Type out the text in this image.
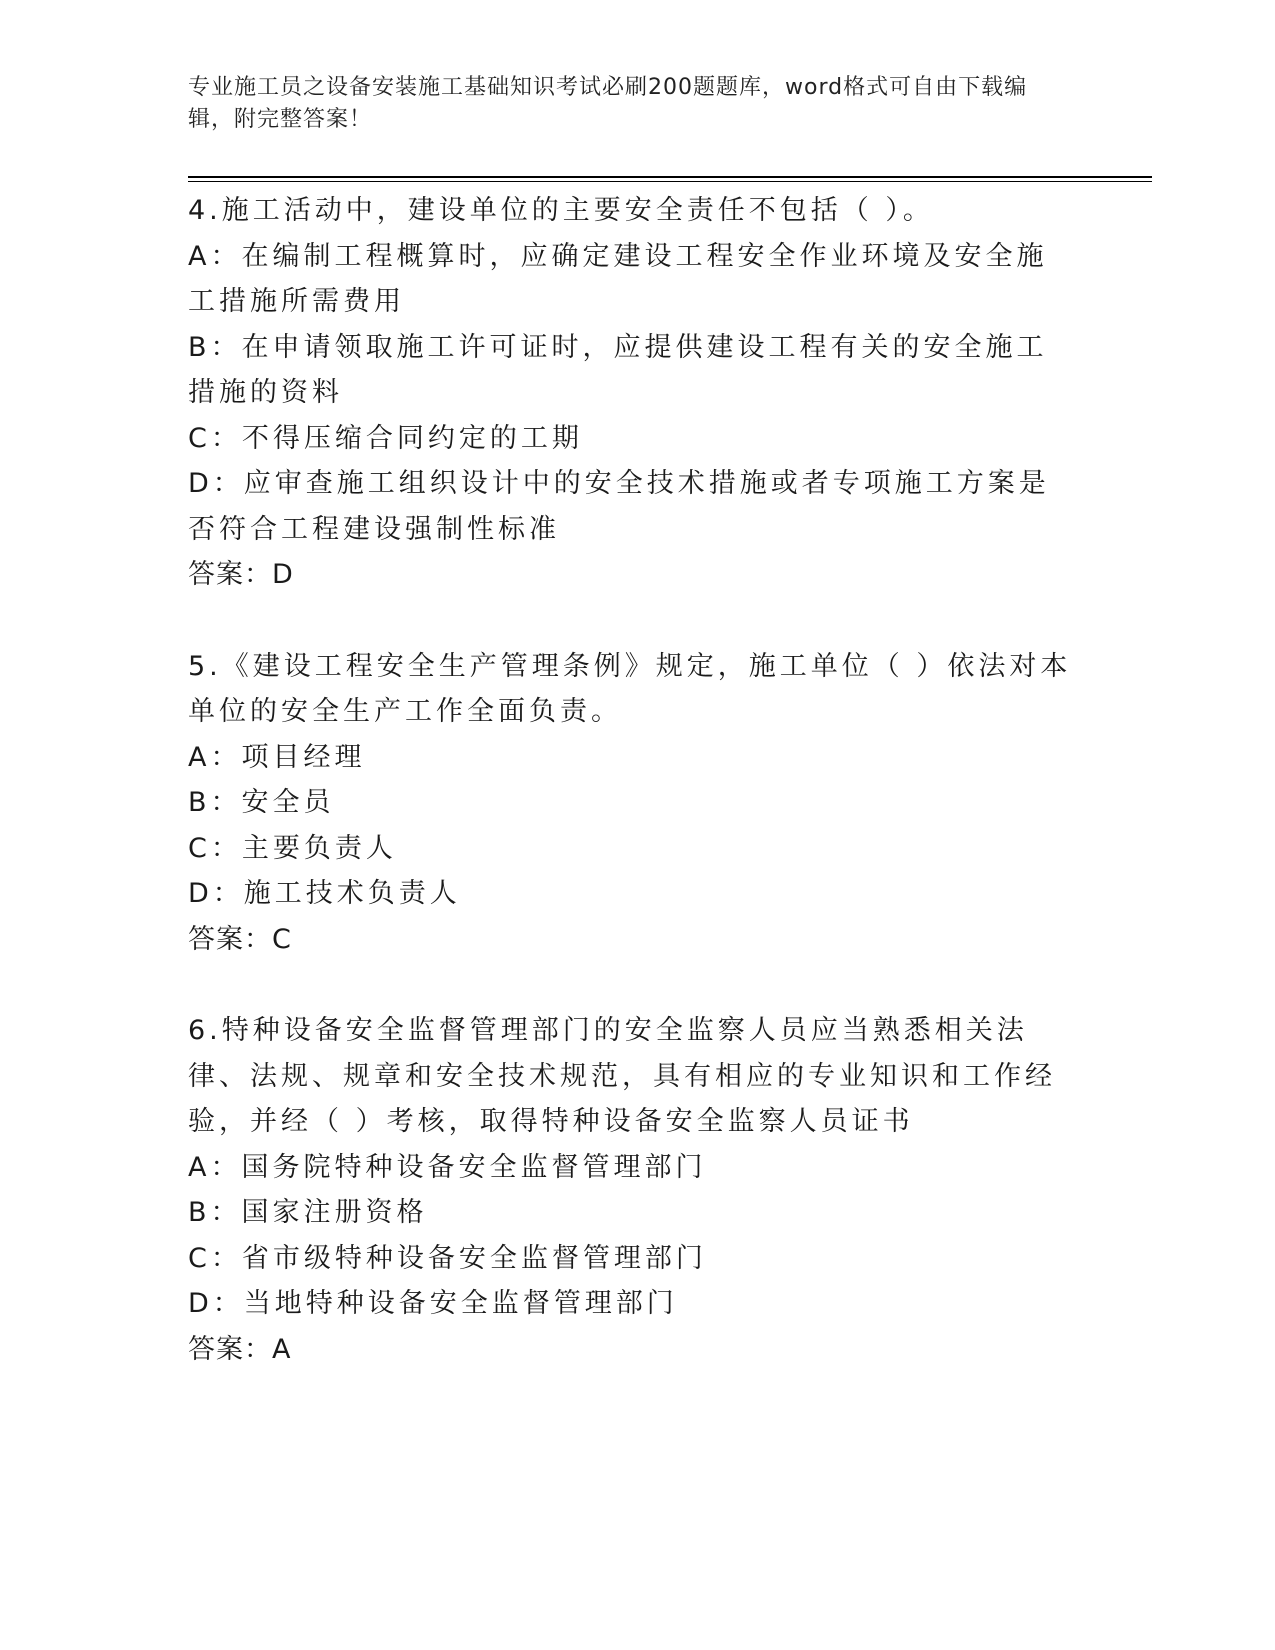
专业施工员之设备安装施工基础知识考试必刷200题题库，word格式可自由下载编辑，附完整答案！
4.施工活动中，建设单位的主要安全责任不包括（ ）。
A：在编制工程概算时，应确定建设工程安全作业环境及安全施工措施所需费用
B：在申请领取施工许可证时，应提供建设工程有关的安全施工措施的资料
C：不得压缩合同约定的工期
D：应审查施工组织设计中的安全技术措施或者专项施工方案是否符合工程建设强制性标准
答案：D
5.《建设工程安全生产管理条例》规定，施工单位（ ）依法对本单位的安全生产工作全面负责。
A：项目经理
B：安全员
C：主要负责人
D：施工技术负责人
答案：C
6.特种设备安全监督管理部门的安全监察人员应当熟悉相关法律、法规、规章和安全技术规范，具有相应的专业知识和工作经验，并经（ ）考核，取得特种设备安全监察人员证书
A：国务院特种设备安全监督管理部门
B：国家注册资格
C：省市级特种设备安全监督管理部门
D：当地特种设备安全监督管理部门
答案：A
